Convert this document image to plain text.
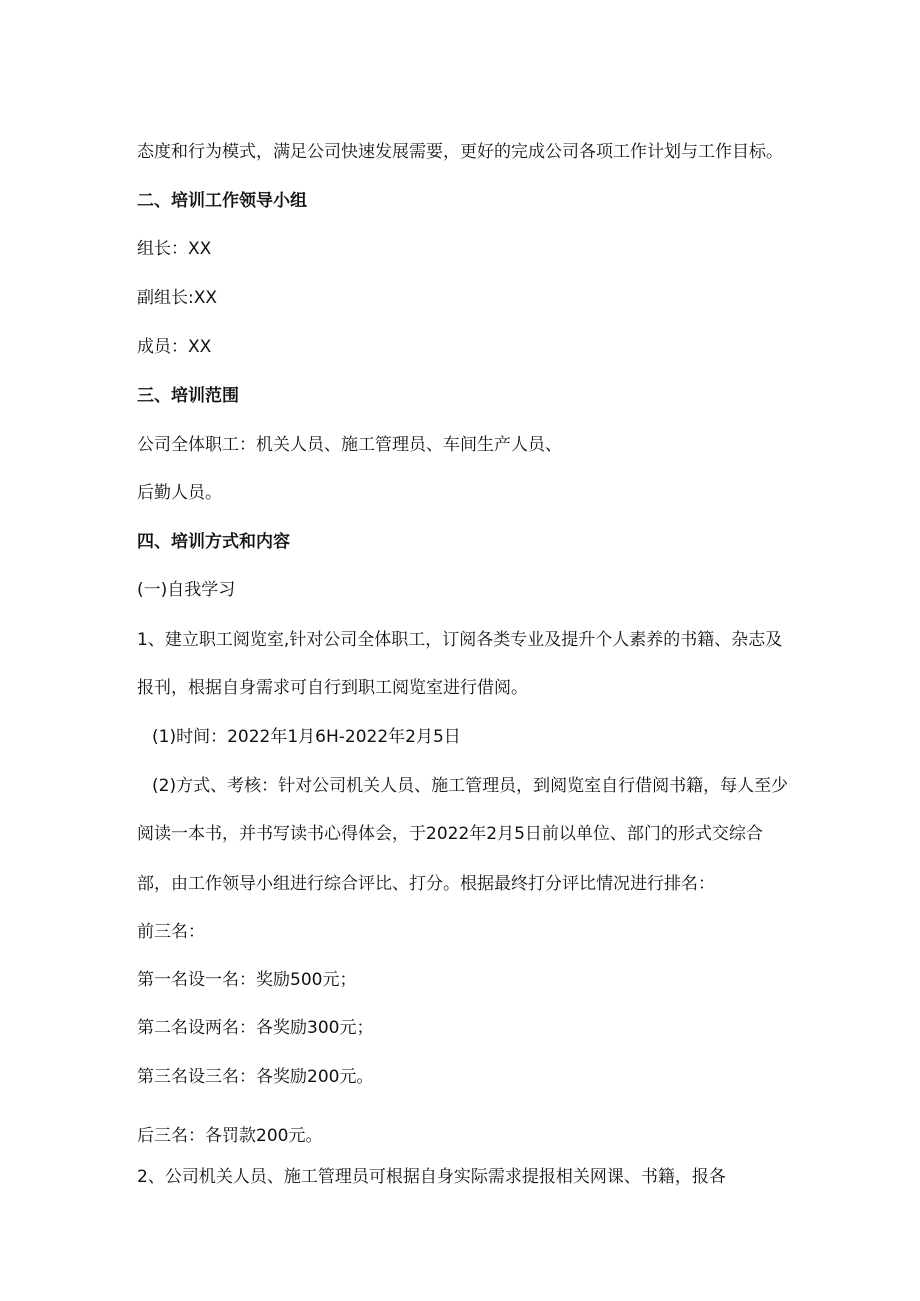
态度和行为模式，满足公司快速发展需要，更好的完成公司各项工作计划与工作目标。

二、培训工作领导小组

组长：XX

副组长:XX

成员：XX

三、培训范围

公司全体职工：机关人员、施工管理员、车间生产人员、

后勤人员。

四、培训方式和内容

(一)自我学习

1、建立职工阅览室,针对公司全体职工，订阅各类专业及提升个人素养的书籍、杂志及

报刊，根据自身需求可自行到职工阅览室进行借阅。

(1)时间：2022年1月6H-2022年2月5日

(2)方式、考核：针对公司机关人员、施工管理员，到阅览室自行借阅书籍，每人至少

阅读一本书，并书写读书心得体会，于2022年2月5日前以单位、部门的形式交综合

部，由工作领导小组进行综合评比、打分。根据最终打分评比情况进行排名：

前三名：

第一名设一名：奖励500元；

第二名设两名：各奖励300元；

第三名设三名：各奖励200元。

后三名：各罚款200元。

2、公司机关人员、施工管理员可根据自身实际需求提报相关网课、书籍，报各
